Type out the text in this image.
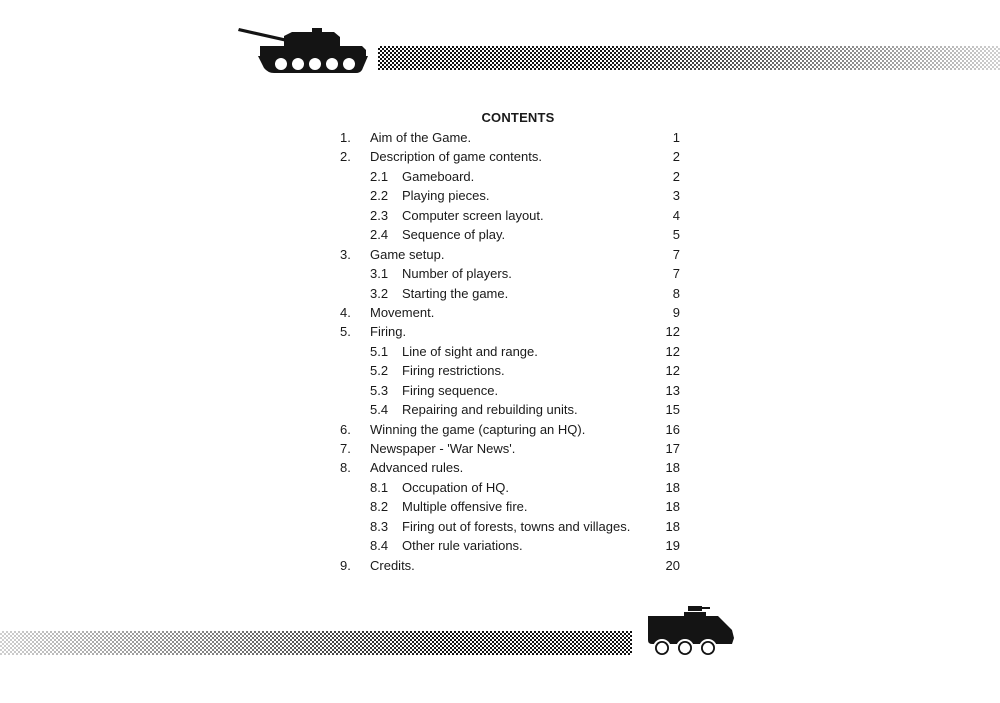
CONTENTS
1. Aim of the Game.	1
2. Description of game contents.	2
2.1 Gameboard.	2
2.2 Playing pieces.	3
2.3 Computer screen layout.	4
2.4 Sequence of play.	5
3. Game setup.	7
3.1 Number of players.	7
3.2 Starting the game.	8
4. Movement.	9
5. Firing.	12
5.1 Line of sight and range.	12
5.2 Firing restrictions.	12
5.3 Firing sequence.	13
5.4 Repairing and rebuilding units.	15
6. Winning the game (capturing an HQ).	16
7. Newspaper - 'War News'.	17
8. Advanced rules.	18
8.1 Occupation of HQ.	18
8.2 Multiple offensive fire.	18
8.3 Firing out of forests, towns and villages.	18
8.4 Other rule variations.	19
9. Credits.	20
